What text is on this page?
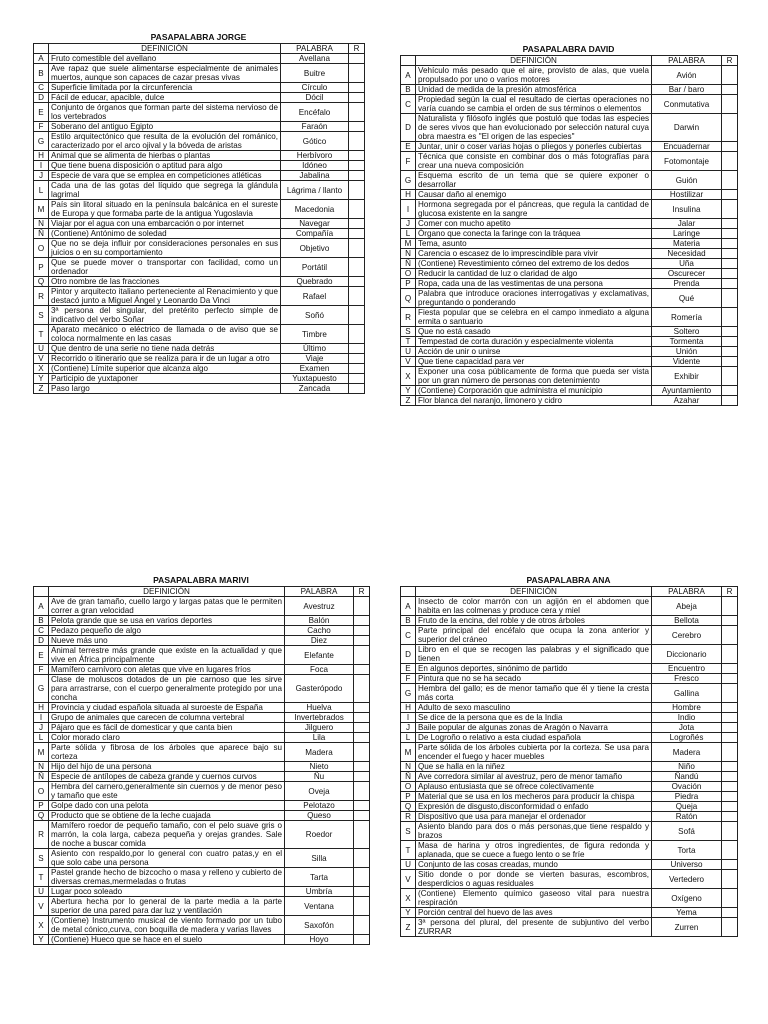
PASAPALABRA JORGE
	DEFINICIÓN	PALABRA	R
A	Fruto comestible del avellano	Avellana	
B	Ave rapaz que suele alimentarse especialmente de animales muertos, aunque son capaces de cazar presas vivas	Buitre	
C	Superficie limitada por la circunferencia	Círculo	
D	Fácil de educar, apacible, dulce	Dócil	
E	Conjunto de órganos que forman parte del sistema nervioso de los vertebrados	Encéfalo	
F	Soberano del antiguo Egipto	Faraón	
G	Estilo arquitectónico que resulta de la evolución del románico, caracterizado por el arco ojival y la bóveda de aristas	Gótico	
H	Animal que se alimenta de hierbas o plantas	Herbívoro	
I	Que tiene buena disposición o aptitud para algo	Idóneo	
J	Especie de vara que se emplea en competiciones atléticas	Jabalina	
L	Cada una de las gotas del líquido que segrega la glándula lagrimal	Lágrima / llanto	
M	País sin litoral situado en la península balcánica en el sureste de Europa y que formaba parte de la antigua Yugoslavia	Macedonia	
N	Viajar por el agua con una embarcación o por internet	Navegar	
Ñ	(Contiene) Antónimo de soledad	Compañía	
O	Que no se deja influir por consideraciones personales en sus juicios o en su comportamiento	Objetivo	
P	Que se puede mover o transportar con facilidad, como un ordenador	Portátil	
Q	Otro nombre de las fracciones	Quebrado	
R	Pintor y arquitecto italiano perteneciente al Renacimiento y que destacó junto a Miguel Ángel y Leonardo Da Vinci	Rafael	
S	3ª persona del singular, del pretérito perfecto simple de indicativo del verbo Soñar	Soñó	
T	Aparato mecánico o eléctrico de llamada o de aviso que se coloca normalmente en las casas	Timbre	
U	Que dentro de una serie no tiene nada detrás	Último	
V	Recorrido o itinerario que se realiza para ir de un lugar a otro	Viaje	
X	(Contiene) Límite superior que alcanza algo	Examen	
Y	Participio de yuxtaponer	Yuxtapuesto	
Z	Paso largo	Zancada	
PASAPALABRA DAVID
	DEFINICIÓN	PALABRA	R
A	Vehículo más pesado que el aire, provisto de alas, que vuela propulsado por uno o varios motores	Avión	
B	Unidad de medida de la presión atmosférica	Bar / baro	
C	Propiedad según la cual el resultado de ciertas operaciones no varía cuando se cambia el orden de sus términos o elementos	Conmutativa	
D	Naturalista y filósofo inglés que postuló que todas las especies de seres vivos que han evolucionado por selección natural cuya obra maestra es "El origen de las especies"	Darwin	
E	Juntar, unir o coser varias hojas o pliegos y ponerles cubiertas	Encuadernar	
F	Técnica que consiste en combinar dos o más fotografías para crear una nueva composición	Fotomontaje	
G	Esquema escrito de un tema que se quiere exponer o desarrollar	Guión	
H	Causar daño al enemigo	Hostilizar	
I	Hormona segregada por el páncreas, que regula la cantidad de glucosa existente en la sangre	Insulina	
J	Comer con mucho apetito	Jalar	
L	Órgano que conecta la faringe con la tráquea	Laringe	
M	Tema, asunto	Materia	
N	Carencia o escasez de lo imprescindible para vivir	Necesidad	
Ñ	(Contiene) Revestimiento córneo del extremo de los dedos	Uña	
O	Reducir la cantidad de luz o claridad de algo	Oscurecer	
P	Ropa, cada una de las vestimentas de una persona	Prenda	
Q	Palabra que introduce oraciones interrogativas y exclamativas, preguntando o ponderando	Qué	
R	Fiesta popular que se celebra en el campo inmediato a alguna ermita o santuario	Romería	
S	Que no está casado	Soltero	
T	Tempestad de corta duración y especialmente violenta	Tormenta	
U	Acción de unir o unirse	Unión	
V	Que tiene capacidad para ver	Vidente	
X	Exponer una cosa públicamente de forma que pueda ser vista por un gran número de personas con detenimiento	Exhibir	
Y	(Contiene) Corporación que administra el municipio	Ayuntamiento	
Z	Flor blanca del naranjo, limonero y cidro	Azahar	
PASAPALABRA MARIVI
	DEFINICIÓN	PALABRA	R
A	Ave de gran tamaño, cuello largo y largas patas que le permiten correr a gran velocidad	Avestruz	
B	Pelota grande que se usa en varios deportes	Balón	
C	Pedazo pequeño de algo	Cacho	
D	Nueve más uno	Diez	
E	Animal terrestre más grande que existe en la actualidad y que vive en África principalmente	Elefante	
F	Mamífero carnívoro con aletas que vive en lugares fríos	Foca	
G	Clase de moluscos dotados de un pie carnoso que les sirve para arrastrarse, con el cuerpo generalmente protegido por una concha	Gasterópodo	
H	Provincia y ciudad española situada al suroeste de España	Huelva	
I	Grupo de animales que carecen de columna vertebral	Invertebrados	
J	Pájaro que es fácil de domesticar y que canta bien	Jilguero	
L	Color morado claro	Lila	
M	Parte sólida y fibrosa de los árboles que aparece bajo su corteza	Madera	
N	Hijo del hijo de una persona	Nieto	
Ñ	Especie de antílopes de cabeza grande y cuernos curvos	Ñu	
O	Hembra del carnero,generalmente sin cuernos y de menor peso y tamaño que este	Oveja	
P	Golpe dado con una pelota	Pelotazo	
Q	Producto que se obtiene de la leche cuajada	Queso	
R	Mamífero roedor de pequeño tamaño, con el pelo suave gris o marrón, la cola larga, cabeza pequeña y orejas grandes. Sale de noche a buscar comida	Roedor	
S	Asiento con respaldo,por lo general con cuatro patas,y en el que solo cabe una persona	Silla	
T	Pastel grande hecho de bizcocho o masa y relleno y cubierto de diversas cremas,mermeladas o frutas	Tarta	
U	Lugar poco soleado	Umbría	
V	Abertura hecha por lo general de la parte media a la parte superior de una pared para dar luz y ventilación	Ventana	
X	(Contiene) Instrumento musical de viento formado por un tubo de metal cónico,curva, con boquilla de madera y varias llaves	Saxofón	
Y	(Contiene) Hueco que se hace en el suelo	Hoyo	
PASAPALABRA ANA
	DEFINICIÓN	PALABRA	R
A	Insecto de color marrón con un agijón en el abdomen que habita en las colmenas y produce cera y miel	Abeja	
B	Fruto de la encina, del roble y de otros árboles	Bellota	
C	Parte principal del encéfalo que ocupa la zona anterior y superior del cráneo	Cerebro	
D	Libro en el que se recogen las palabras y el significado que tienen	Diccionario	
E	En algunos deportes, sinónimo de partido	Encuentro	
F	Pintura que no se ha secado	Fresco	
G	Hembra del gallo; es de menor tamaño que él y tiene la cresta más corta	Gallina	
H	Adulto de sexo masculino	Hombre	
I	Se dice de la persona que es de la India	Indio	
J	Baile popular de algunas zonas de Aragón o Navarra	Jota	
L	De Logroño o relativo a esta ciudad española	Logroñés	
M	Parte sólida de los árboles cubierta por la corteza. Se usa para encender el fuego y hacer muebles	Madera	
N	Que se halla en la niñez	Niño	
Ñ	Ave corredora similar al avestruz, pero de menor tamaño	Ñandú	
O	Aplauso entusiasta que se ofrece colectivamente	Ovación	
P	Material que se usa en los mecheros para producir la chispa	Piedra	
Q	Expresión de disgusto,disconformidad o enfado	Queja	
R	Dispositivo que usa para manejar el ordenador	Ratón	
S	Asiento blando para dos o más personas,que tiene respaldo y brazos	Sofá	
T	Masa de harina y otros ingredientes, de figura redonda y aplanada, que se cuece a fuego lento o se fríe	Torta	
U	Conjunto de las cosas creadas, mundo	Universo	
V	Sitio donde o por donde se vierten basuras, escombros, desperdicios o aguas residuales	Vertedero	
X	(Contiene) Elemento químico gaseoso vital para nuestra respiración	Oxígeno	
Y	Porción central del huevo de las aves	Yema	
Z	3ª persona del plural, del presente de subjuntivo del verbo ZURRAR	Zurren	
